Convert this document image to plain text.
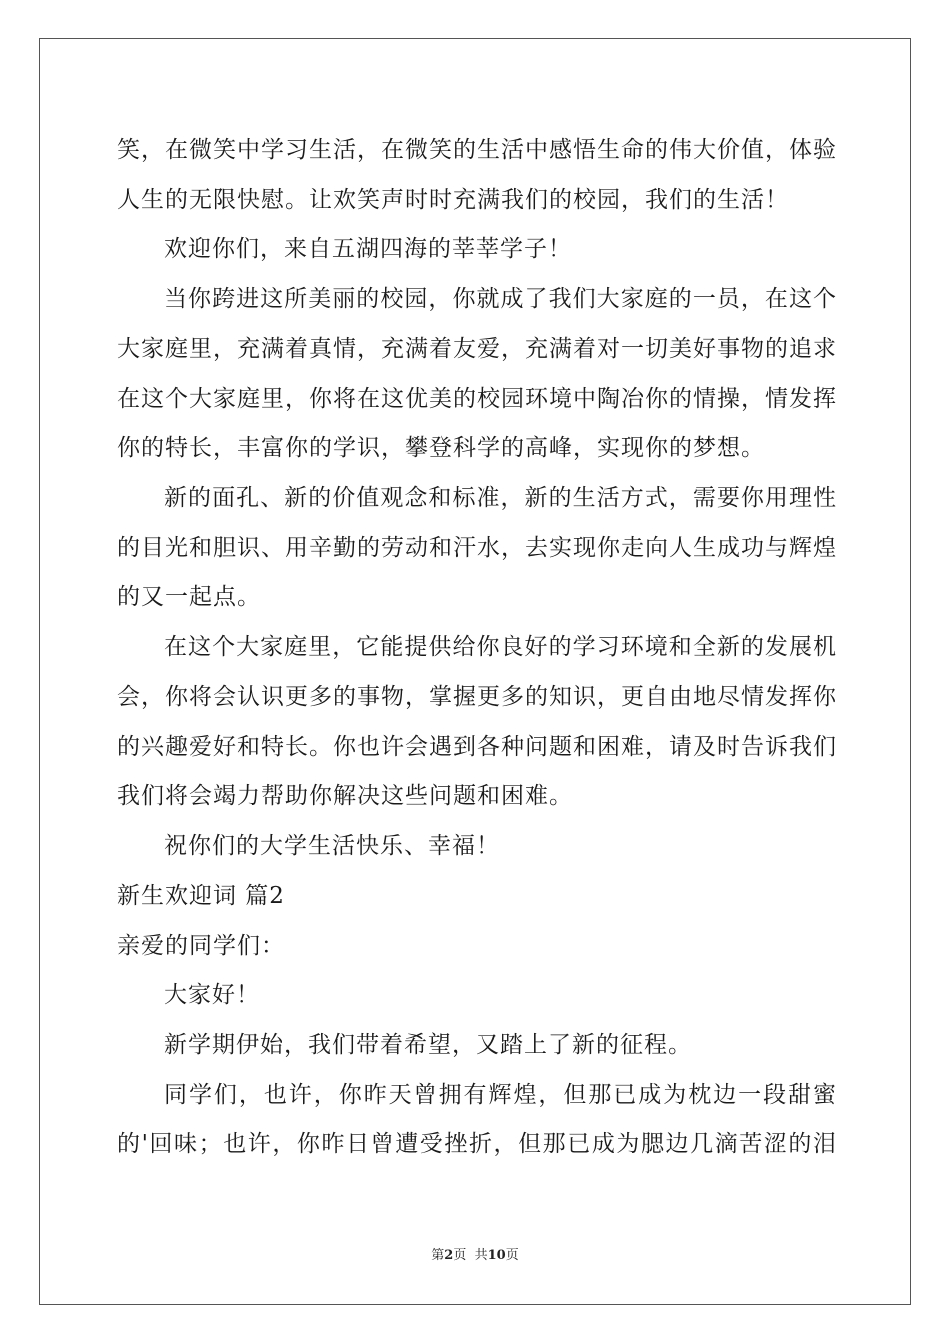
笑，在微笑中学习生活，在微笑的生活中感悟生命的伟大价值，体验
人生的无限快慰。让欢笑声时时充满我们的校园，我们的生活！
欢迎你们，来自五湖四海的莘莘学子！
当你跨进这所美丽的校园，你就成了我们大家庭的一员，在这个
大家庭里，充满着真情，充满着友爱，充满着对一切美好事物的追求
在这个大家庭里，你将在这优美的校园环境中陶冶你的情操，情发挥
你的特长，丰富你的学识，攀登科学的高峰，实现你的梦想。
新的面孔、新的价值观念和标准，新的生活方式，需要你用理性
的目光和胆识、用辛勤的劳动和汗水，去实现你走向人生成功与辉煌
的又一起点。
在这个大家庭里，它能提供给你良好的学习环境和全新的发展机
会，你将会认识更多的事物，掌握更多的知识，更自由地尽情发挥你
的兴趣爱好和特长。你也许会遇到各种问题和困难，请及时告诉我们
我们将会竭力帮助你解决这些问题和困难。
祝你们的大学生活快乐、幸福！
新生欢迎词 篇2
亲爱的同学们：
大家好！
新学期伊始，我们带着希望，又踏上了新的征程。
同学们，也许，你昨天曾拥有辉煌，但那已成为枕边一段甜蜜
的'回味；也许，你昨日曾遭受挫折，但那已成为腮边几滴苦涩的泪
第2页  共10页
